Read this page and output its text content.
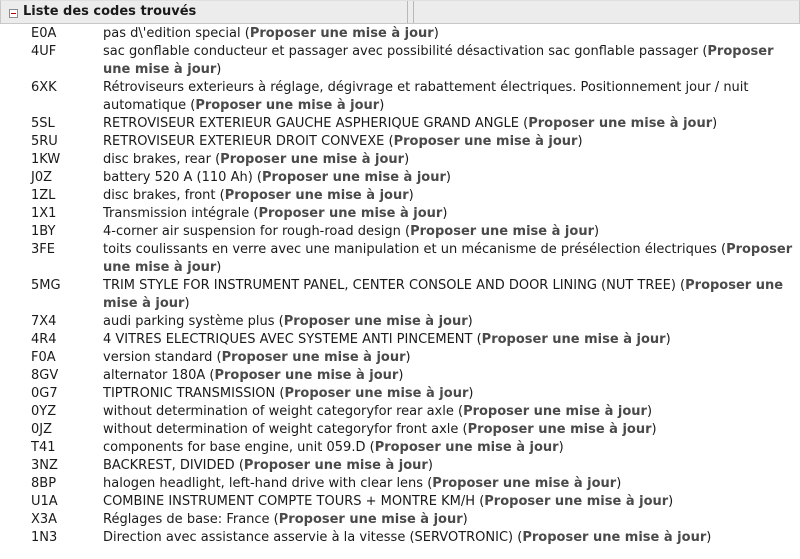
Liste des codes trouvés
E0A	pas d\'edition special (Proposer une mise à jour)
4UF	sac gonflable conducteur et passager avec possibilité désactivation sac gonflable passager (Proposer une mise à jour)
6XK	Rétroviseurs exterieurs à réglage, dégivrage et rabattement électriques. Positionnement jour / nuit automatique (Proposer une mise à jour)
5SL	RETROVISEUR EXTERIEUR GAUCHE ASPHERIQUE GRAND ANGLE (Proposer une mise à jour)
5RU	RETROVISEUR EXTERIEUR DROIT CONVEXE (Proposer une mise à jour)
1KW	disc brakes, rear (Proposer une mise à jour)
J0Z	battery 520 A (110 Ah) (Proposer une mise à jour)
1ZL	disc brakes, front (Proposer une mise à jour)
1X1	Transmission intégrale (Proposer une mise à jour)
1BY	4-corner air suspension for rough-road design (Proposer une mise à jour)
3FE	toits coulissants en verre avec une manipulation et un mécanisme de présélection électriques (Proposer une mise à jour)
5MG	TRIM STYLE FOR INSTRUMENT PANEL, CENTER CONSOLE AND DOOR LINING (NUT TREE) (Proposer une mise à jour)
7X4	audi parking système plus (Proposer une mise à jour)
4R4	4 VITRES ELECTRIQUES AVEC SYSTEME ANTI PINCEMENT (Proposer une mise à jour)
F0A	version standard (Proposer une mise à jour)
8GV	alternator 180A (Proposer une mise à jour)
0G7	TIPTRONIC TRANSMISSION (Proposer une mise à jour)
0YZ	without determination of weight categoryfor rear axle (Proposer une mise à jour)
0JZ	without determination of weight categoryfor front axle (Proposer une mise à jour)
T41	components for base engine, unit 059.D (Proposer une mise à jour)
3NZ	BACKREST, DIVIDED (Proposer une mise à jour)
8BP	halogen headlight, left-hand drive with clear lens (Proposer une mise à jour)
U1A	COMBINE INSTRUMENT COMPTE TOURS + MONTRE KM/H (Proposer une mise à jour)
X3A	Réglages de base: France (Proposer une mise à jour)
1N3	Direction avec assistance asservie à la vitesse (SERVOTRONIC) (Proposer une mise à jour)
